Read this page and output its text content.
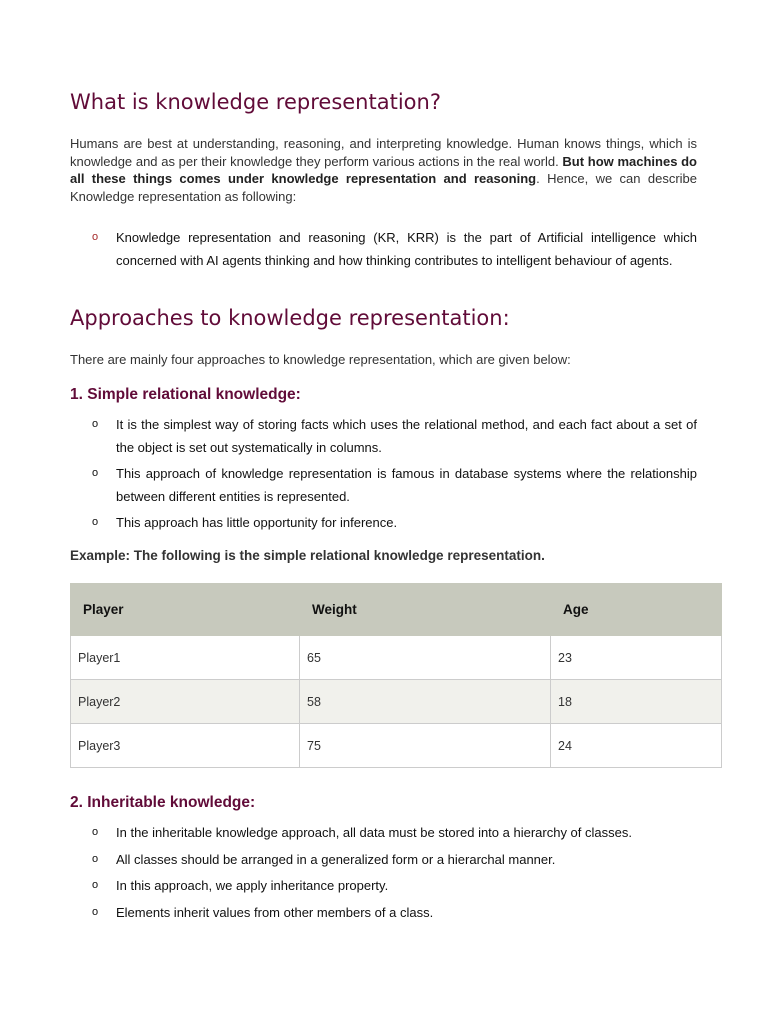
What is knowledge representation?

Humans are best at understanding, reasoning, and interpreting knowledge. Human knows things, which is knowledge and as per their knowledge they perform various actions in the real world. But how machines do all these things comes under knowledge representation and reasoning. Hence, we can describe Knowledge representation as following:

o Knowledge representation and reasoning (KR, KRR) is the part of Artificial intelligence which concerned with AI agents thinking and how thinking contributes to intelligent behaviour of agents.
Approaches to knowledge representation:

There are mainly four approaches to knowledge representation, which are given below:

1. Simple relational knowledge:
o It is the simplest way of storing facts which uses the relational method, and each fact about a set of the object is set out systematically in columns.
o This approach of knowledge representation is famous in database systems where the relationship between different entities is represented.
o This approach has little opportunity for inference.
Example: The following is the simple relational knowledge representation.
Player	Weight	Age
Player1	65	23
Player2	58	18
Player3	75	24
2. Inheritable knowledge:
o In the inheritable knowledge approach, all data must be stored into a hierarchy of classes.
o All classes should be arranged in a generalized form or a hierarchal manner.
o In this approach, we apply inheritance property.
o Elements inherit values from other members of a class.
